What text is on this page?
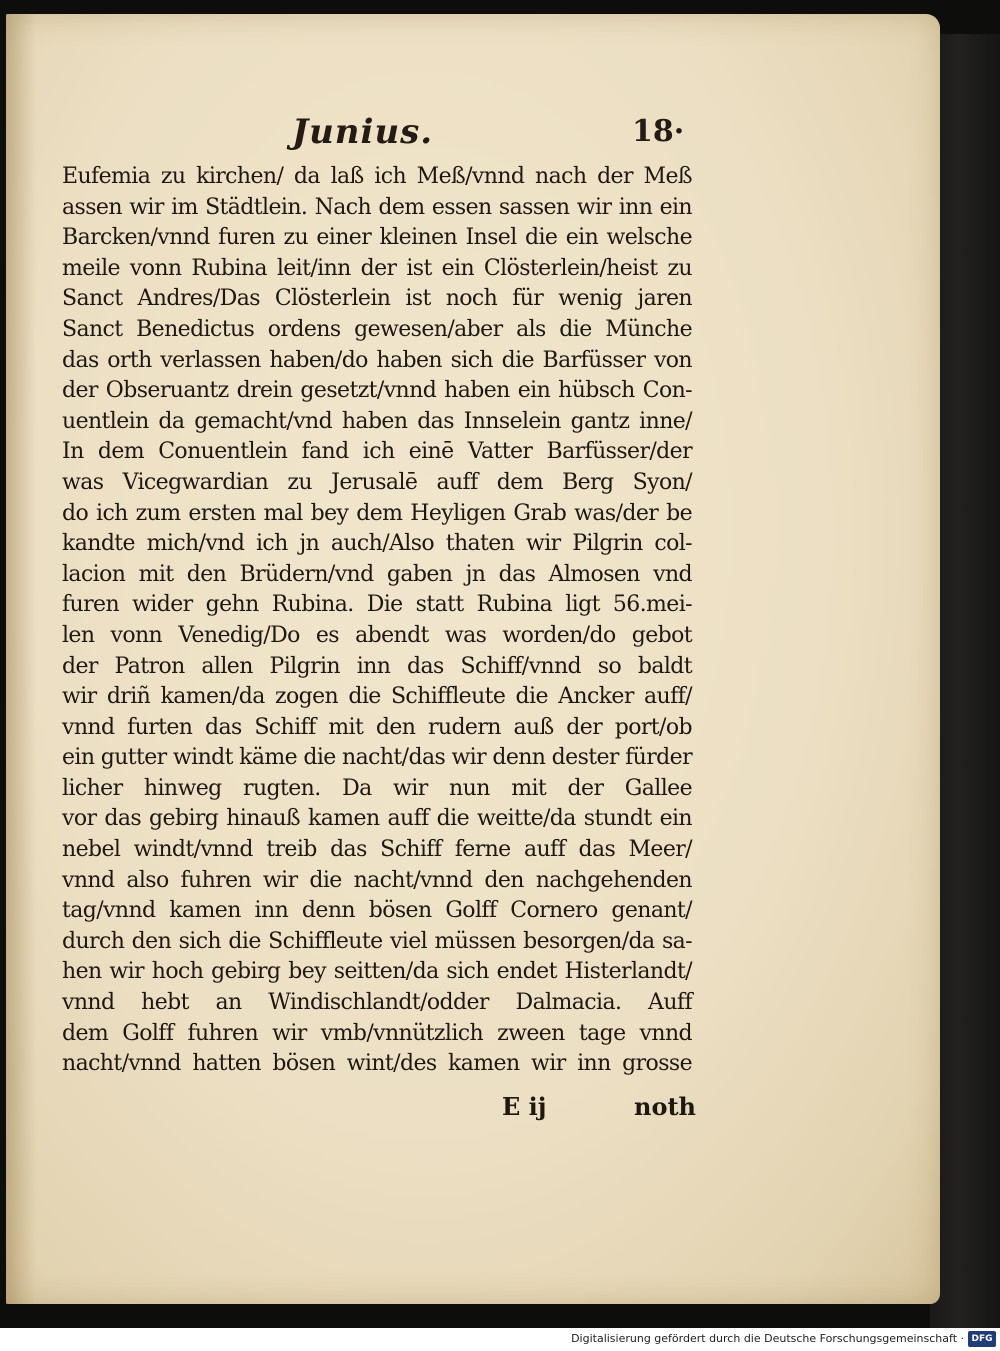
Junius.	18·
Eufemia zu kirchen/ da laß ich Meß/vnnd nach der Meß
assen wir im Städtlein. Nach dem essen sassen wir inn ein
Barcken/vnnd furen zu einer kleinen Insel die ein welsche
meile vonn Rubina leit/inn der ist ein Clösterlein/heist zu
Sanct Andres/Das Clösterlein ist noch für wenig jaren
Sanct Benedictus ordens gewesen/aber als die Münche
das orth verlassen haben/do haben sich die Barfüsser von
der Obseruantz drein gesetzt/vnnd haben ein hübsch Con-
uentlein da gemacht/vnd haben das Innselein gantz inne/
In dem Conuentlein fand ich einē Vatter Barfüsser/der
was Vicegwardian zu Jerusalē auff dem Berg Syon/
do ich zum ersten mal bey dem Heyligen Grab was/der be
kandte mich/vnd ich jn auch/Also thaten wir Pilgrin col-
lacion mit den Brüdern/vnd gaben jn das Almosen vnd
furen wider gehn Rubina. Die statt Rubina ligt 56.mei-
len vonn Venedig/Do es abendt was worden/do gebot
der Patron allen Pilgrin inn das Schiff/vnnd so baldt
wir driñ kamen/da zogen die Schiffleute die Ancker auff/
vnnd furten das Schiff mit den rudern auß der port/ob
ein gutter windt käme die nacht/das wir denn dester fürder
licher hinweg rugten. Da wir nun mit der Gallee
vor das gebirg hinauß kamen auff die weitte/da stundt ein
nebel windt/vnnd treib das Schiff ferne auff das Meer/
vnnd also fuhren wir die nacht/vnnd den nachgehenden
tag/vnnd kamen inn denn bösen Golff Cornero genant/
durch den sich die Schiffleute viel müssen besorgen/da sa-
hen wir hoch gebirg bey seitten/da sich endet Histerlandt/
vnnd hebt an Windischlandt/odder Dalmacia. Auff
dem Golff fuhren wir vmb/vnnützlich zween tage vnnd
nacht/vnnd hatten bösen wint/des kamen wir inn grosse
E ij	noth
Digitalisierung gefördert durch die Deutsche Forschungsgemeinschaft · DFG
